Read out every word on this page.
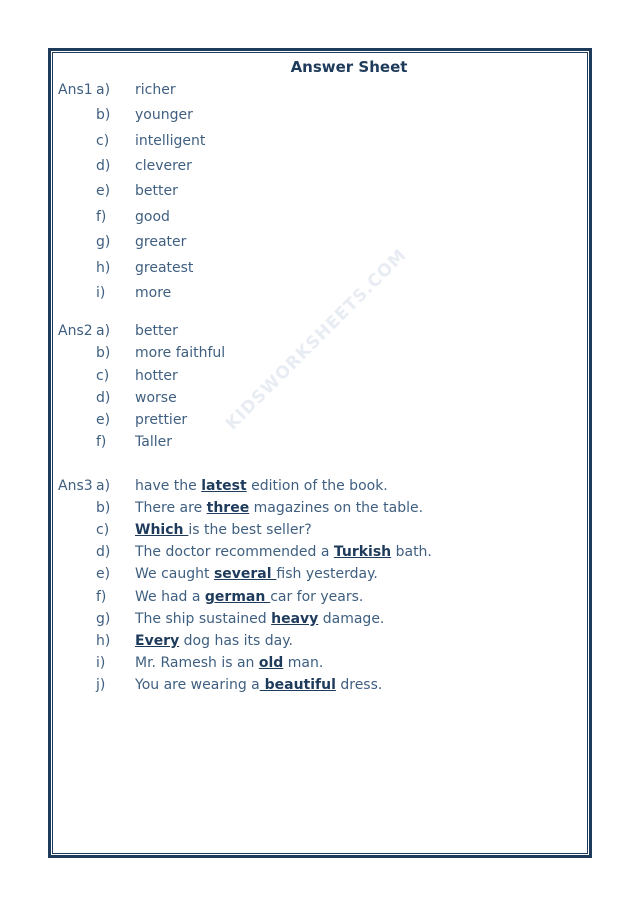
Answer Sheet
KIDSWORKSHEETS.COM
Ans1 a) richer
b) younger
c) intelligent
d) cleverer
e) better
f) good
g) greater
h) greatest
i) more
Ans2 a) better
b) more faithful
c) hotter
d) worse
e) prettier
f) Taller
Ans3 a) have the latest edition of the book.
b) There are three magazines on the table.
c) Which is the best seller?
d) The doctor recommended a Turkish bath.
e) We caught several fish yesterday.
f) We had a german car for years.
g) The ship sustained heavy damage.
h) Every dog has its day.
i) Mr. Ramesh is an old man.
j) You are wearing a beautiful dress.
